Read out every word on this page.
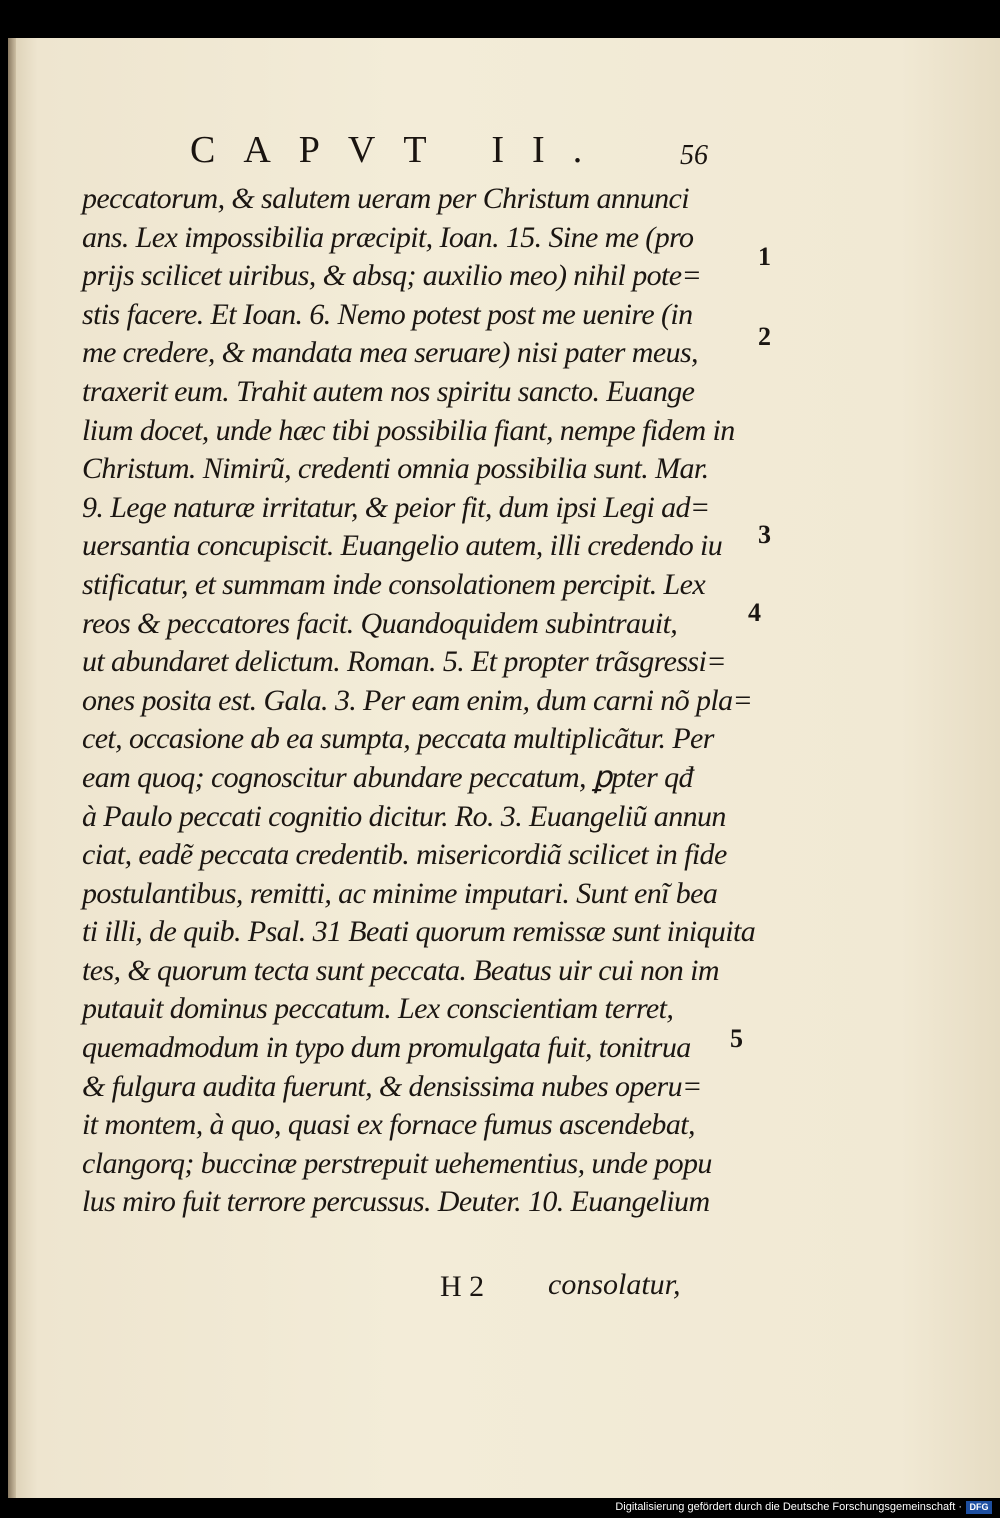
CAPVT II. 56
peccatorum, & salutem ueram per Christum annunci
ans. Lex impossibilia præcipit, Ioan. 15. Sine me (pro
prijs scilicet uiribus, & absq; auxilio meo) nihil pote=
stis facere. Et Ioan. 6. Nemo potest post me uenire (in
me credere, & mandata mea seruare) nisi pater meus,
traxerit eum. Trahit autem nos spiritu sancto. Euange
lium docet, unde hæc tibi possibilia fiant, nempe fidem in
Christum. Nimirũ, credenti omnia possibilia sunt. Mar.
9. Lege naturæ irritatur, & peior fit, dum ipsi Legi ad=
uersantia concupiscit. Euangelio autem, illi credendo iu
stificatur, et summam inde consolationem percipit. Lex
reos & peccatores facit. Quandoquidem subintrauit,
ut abundaret delictum. Roman. 5. Et propter trãsgressi=
ones posita est. Gala. 3. Per eam enim, dum carni nõ pla=
cet, occasione ab ea sumpta, peccata multiplicãtur. Per
eam quoq; cognoscitur abundare peccatum, ꝑpter qđ
à Paulo peccati cognitio dicitur. Ro. 3. Euangeliũ annun
ciat, eadẽ peccata credentib. misericordiã scilicet in fide
postulantibus, remitti, ac minime imputari. Sunt enĩ bea
ti illi, de quib. Psal. 31 Beati quorum remissæ sunt iniquita
tes, & quorum tecta sunt peccata. Beatus uir cui non im
putauit dominus peccatum. Lex conscientiam terret,
quemadmodum in typo dum promulgata fuit, tonitrua
& fulgura audita fuerunt, & densissima nubes operu=
it montem, à quo, quasi ex fornace fumus ascendebat,
clangorq; buccinæ perstrepuit uehementius, unde popu
lus miro fuit terrore percussus. Deuter. 10. Euangelium
1
2
3
4
5
H 2 consolatur,
Digitalisierung gefördert durch die Deutsche Forschungsgemeinschaft · DFG
